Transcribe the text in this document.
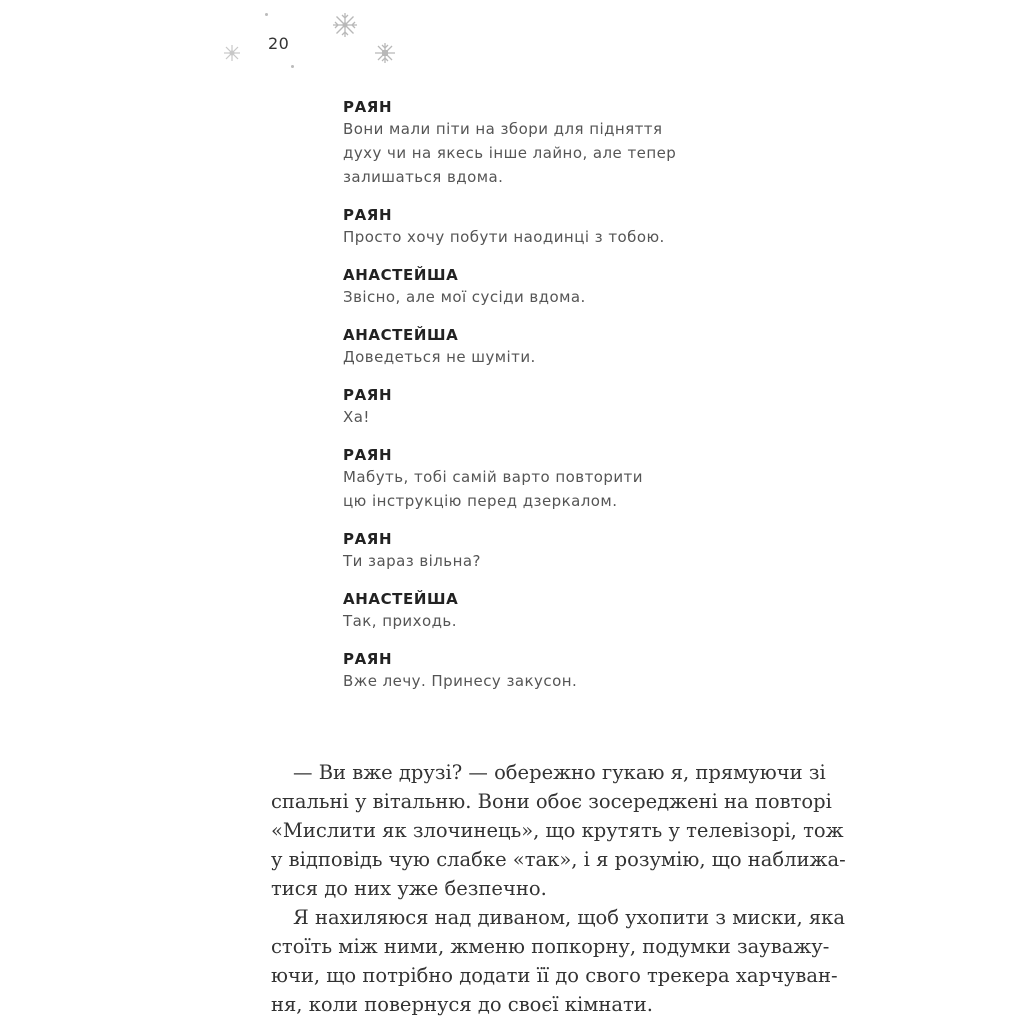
20
РАЯН
Вони мали піти на збори для підняття
духу чи на якесь інше лайно, але тепер
залишаться вдома.
РАЯН
Просто хочу побути наодинці з тобою.
АНАСТЕЙША
Звісно, але мої сусіди вдома.
АНАСТЕЙША
Доведеться не шуміти.
РАЯН
Ха!
РАЯН
Мабуть, тобі самій варто повторити
цю інструкцію перед дзеркалом.
РАЯН
Ти зараз вільна?
АНАСТЕЙША
Так, приходь.
РАЯН
Вже лечу. Принесу закусон.
— Ви вже друзі? — обережно гукаю я, прямуючи зі
спальні у вітальню. Вони обоє зосереджені на повторі
«Мислити як злочинець», що крутять у телевізорі, тож
у відповідь чую слабке «так», і я розумію, що наближа-
тися до них уже безпечно.
Я нахиляюся над диваном, щоб ухопити з миски, яка
стоїть між ними, жменю попкорну, подумки зауважу-
ючи, що потрібно додати її до свого трекера харчуван-
ня, коли повернуся до своєї кімнати.
